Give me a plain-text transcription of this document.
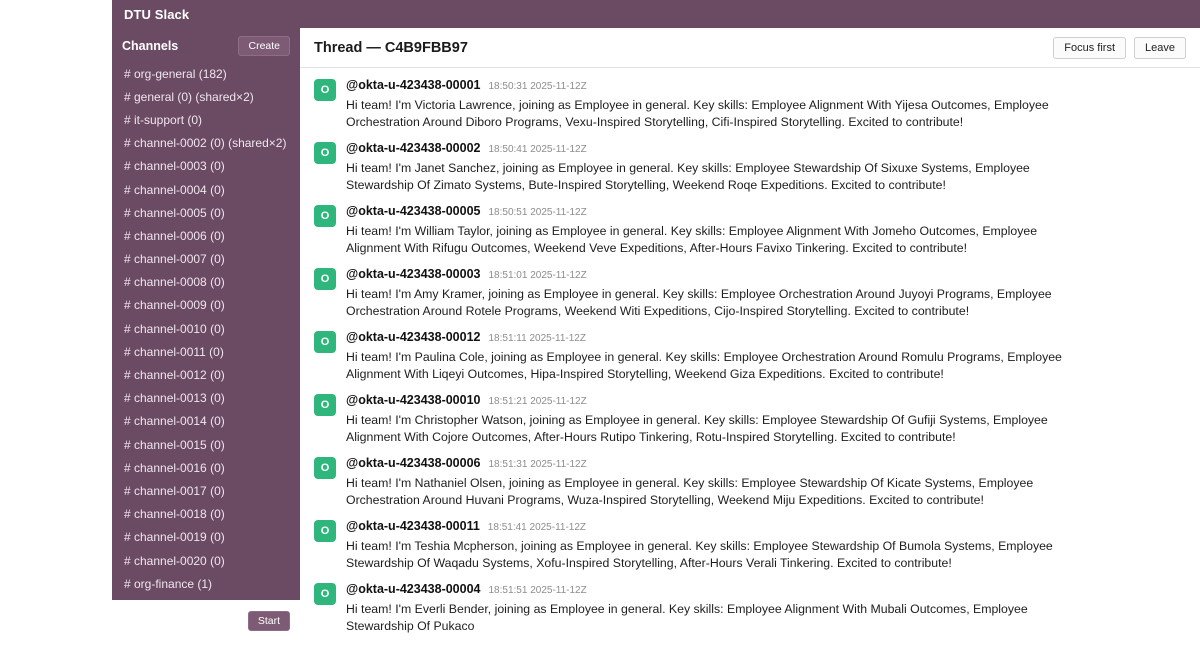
DTU Slack
Channels	Create
# org-general (182)
# general (0) (shared×2)
# it-support (0)
# channel-0002 (0) (shared×2)
# channel-0003 (0)
# channel-0004 (0)
# channel-0005 (0)
# channel-0006 (0)
# channel-0007 (0)
# channel-0008 (0)
# channel-0009 (0)
# channel-0010 (0)
# channel-0011 (0)
# channel-0012 (0)
# channel-0013 (0)
# channel-0014 (0)
# channel-0015 (0)
# channel-0016 (0)
# channel-0017 (0)
# channel-0018 (0)
# channel-0019 (0)
# channel-0020 (0)
# org-finance (1)
DMs	Start
Thread — C4B9FBB97	Focus first	Leave
O	@okta-u-423438-00001 18:50:31 2025-11-12Z
Hi team! I'm Victoria Lawrence, joining as Employee in general. Key skills: Employee Alignment With Yijesa Outcomes, Employee Orchestration Around Diboro Programs, Vexu-Inspired Storytelling, Cifi-Inspired Storytelling. Excited to contribute!
O	@okta-u-423438-00002 18:50:41 2025-11-12Z
Hi team! I'm Janet Sanchez, joining as Employee in general. Key skills: Employee Stewardship Of Sixuxe Systems, Employee Stewardship Of Zimato Systems, Bute-Inspired Storytelling, Weekend Roqe Expeditions. Excited to contribute!
O	@okta-u-423438-00005 18:50:51 2025-11-12Z
Hi team! I'm William Taylor, joining as Employee in general. Key skills: Employee Alignment With Jomeho Outcomes, Employee Alignment With Rifugu Outcomes, Weekend Veve Expeditions, After-Hours Favixo Tinkering. Excited to contribute!
O	@okta-u-423438-00003 18:51:01 2025-11-12Z
Hi team! I'm Amy Kramer, joining as Employee in general. Key skills: Employee Orchestration Around Juyoyi Programs, Employee Orchestration Around Rotele Programs, Weekend Witi Expeditions, Cijo-Inspired Storytelling. Excited to contribute!
O	@okta-u-423438-00012 18:51:11 2025-11-12Z
Hi team! I'm Paulina Cole, joining as Employee in general. Key skills: Employee Orchestration Around Romulu Programs, Employee Alignment With Liqeyi Outcomes, Hipa-Inspired Storytelling, Weekend Giza Expeditions. Excited to contribute!
O	@okta-u-423438-00010 18:51:21 2025-11-12Z
Hi team! I'm Christopher Watson, joining as Employee in general. Key skills: Employee Stewardship Of Gufiji Systems, Employee Alignment With Cojore Outcomes, After-Hours Rutipo Tinkering, Rotu-Inspired Storytelling. Excited to contribute!
O	@okta-u-423438-00006 18:51:31 2025-11-12Z
Hi team! I'm Nathaniel Olsen, joining as Employee in general. Key skills: Employee Stewardship Of Kicate Systems, Employee Orchestration Around Huvani Programs, Wuza-Inspired Storytelling, Weekend Miju Expeditions. Excited to contribute!
O	@okta-u-423438-00011 18:51:41 2025-11-12Z
Hi team! I'm Teshia Mcpherson, joining as Employee in general. Key skills: Employee Stewardship Of Bumola Systems, Employee Stewardship Of Waqadu Systems, Xofu-Inspired Storytelling, After-Hours Verali Tinkering. Excited to contribute!
O	@okta-u-423438-00004 18:51:51 2025-11-12Z
Hi team! I'm Everli Bender, joining as Employee in general. Key skills: Employee Alignment With Mubali Outcomes, Employee Stewardship Of Pukaco
